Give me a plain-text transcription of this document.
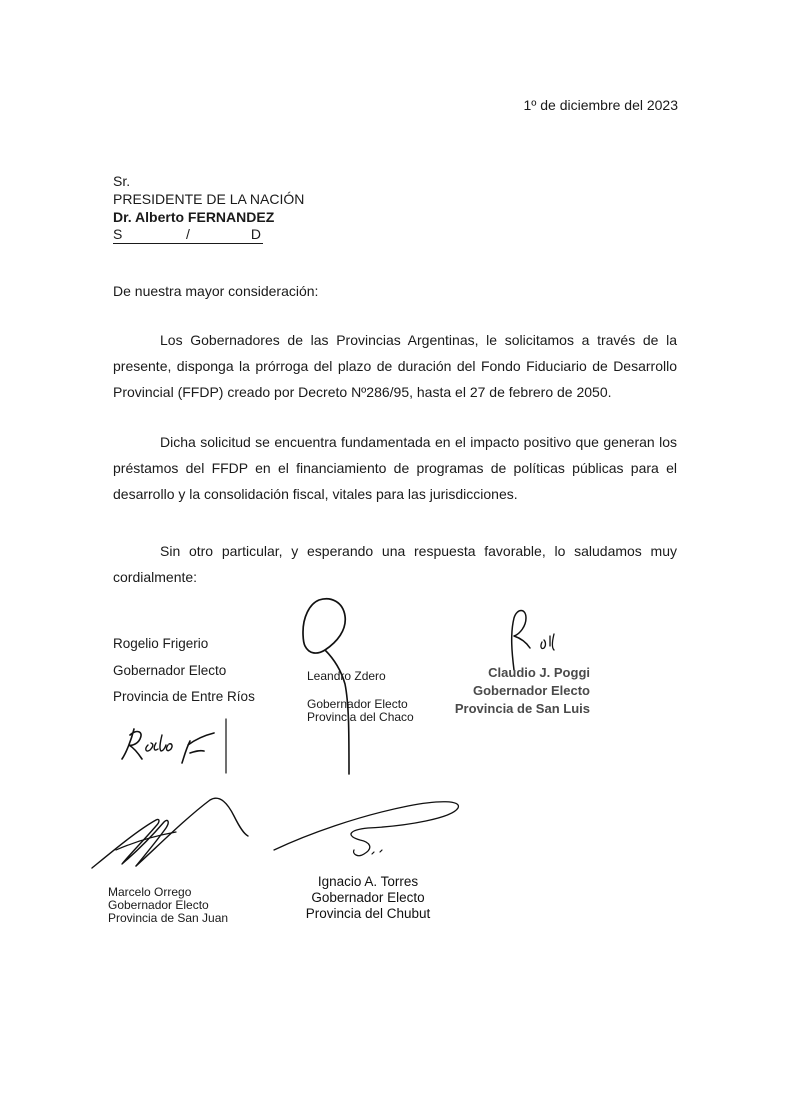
1º de diciembre del 2023
Sr.
PRESIDENTE DE LA NACIÓN
Dr. Alberto FERNANDEZ
S	/	D
De nuestra mayor consideración:

Los Gobernadores de las Provincias Argentinas, le solicitamos a través de la presente, disponga la prórroga del plazo de duración del Fondo Fiduciario de Desarrollo Provincial (FFDP) creado por Decreto Nº286/95, hasta el 27 de febrero de 2050.

Dicha solicitud se encuentra fundamentada en el impacto positivo que generan los préstamos del FFDP en el financiamiento de programas de políticas públicas para el desarrollo y la consolidación fiscal, vitales para las jurisdicciones.

Sin otro particular, y esperando una respuesta favorable, lo saludamos muy cordialmente:

Rogelio Frigerio
Gobernador Electo
Provincia de Entre Ríos
Leandro Zdero
Gobernador Electo
Provincia del Chaco
Claudio J. Poggi
Gobernador Electo
Provincia de San Luis
Marcelo Orrego
Gobernador Electo
Provincia de San Juan
Ignacio A. Torres
Gobernador Electo
Provincia del Chubut
